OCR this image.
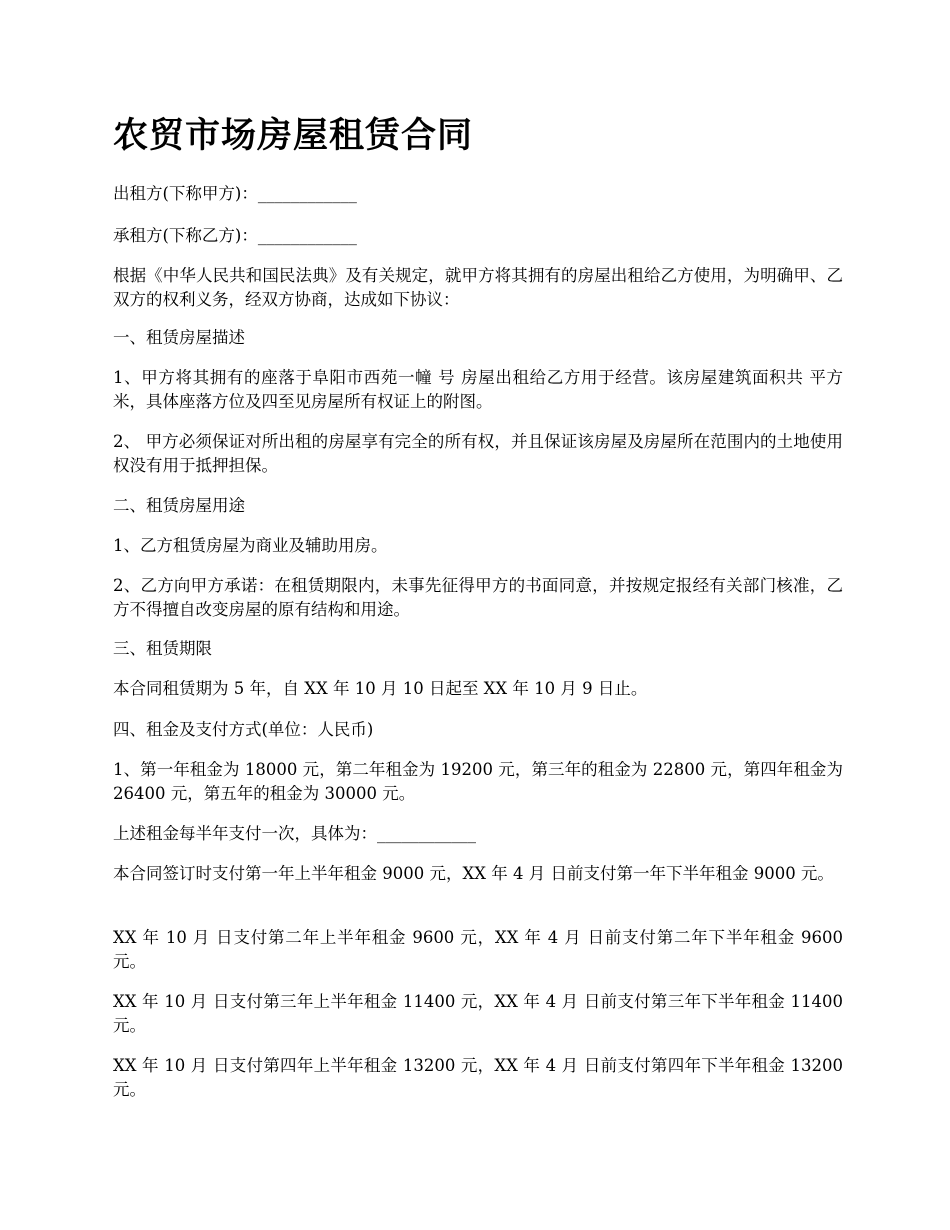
农贸市场房屋租赁合同

出租方(下称甲方)：____________

承租方(下称乙方)：____________

根据《中华人民共和国民法典》及有关规定，就甲方将其拥有的房屋出租给乙方使用，为明确甲、乙双方的权利义务，经双方协商，达成如下协议：

一、租赁房屋描述

1、甲方将其拥有的座落于阜阳市西苑一幢 号 房屋出租给乙方用于经营。该房屋建筑面积共 平方米，具体座落方位及四至见房屋所有权证上的附图。

2、 甲方必须保证对所出租的房屋享有完全的所有权，并且保证该房屋及房屋所在范围内的土地使用权没有用于抵押担保。

二、租赁房屋用途

1、乙方租赁房屋为商业及辅助用房。

2、乙方向甲方承诺：在租赁期限内，未事先征得甲方的书面同意，并按规定报经有关部门核准，乙方不得擅自改变房屋的原有结构和用途。

三、租赁期限

本合同租赁期为 5 年，自 XX 年 10 月 10 日起至 XX 年 10 月 9 日止。

四、租金及支付方式(单位：人民币)

1、第一年租金为 18000 元，第二年租金为 19200 元，第三年的租金为 22800 元，第四年租金为 26400 元，第五年的租金为 30000 元。

上述租金每半年支付一次，具体为：____________

本合同签订时支付第一年上半年租金 9000 元，XX 年 4 月 日前支付第一年下半年租金 9000 元。

XX 年 10 月 日支付第二年上半年租金 9600 元，XX 年 4 月 日前支付第二年下半年租金 9600 元。

XX 年 10 月 日支付第三年上半年租金 11400 元，XX 年 4 月 日前支付第三年下半年租金 11400 元。

XX 年 10 月 日支付第四年上半年租金 13200 元，XX 年 4 月 日前支付第四年下半年租金 13200 元。
